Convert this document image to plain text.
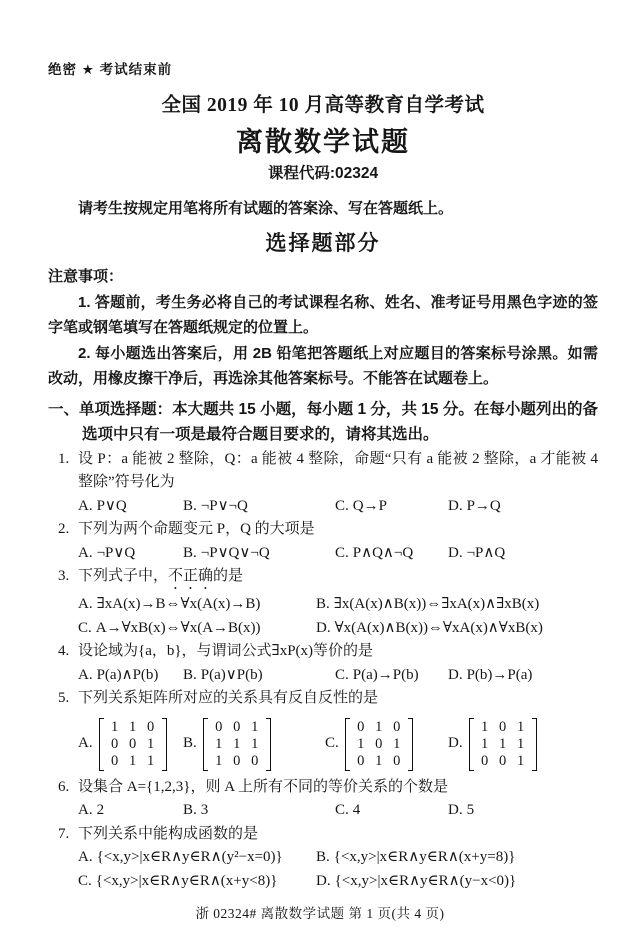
绝密 ★ 考试结束前
全国 2019 年 10 月高等教育自学考试
离散数学试题
课程代码:02324
请考生按规定用笔将所有试题的答案涂、写在答题纸上。
选择题部分
注意事项：

1. 答题前，考生务必将自己的考试课程名称、姓名、准考证号用黑色字迹的签字笔或钢笔填写在答题纸规定的位置上。

2. 每小题选出答案后，用 2B 铅笔把答题纸上对应题目的答案标号涂黑。如需改动，用橡皮擦干净后，再选涂其他答案标号。不能答在试题卷上。

一、单项选择题：本大题共 15 小题，每小题 1 分，共 15 分。在每小题列出的备选项中只有一项是最符合题目要求的，请将其选出。
1. 设 P：a 能被 2 整除，Q：a 能被 4 整除，命题“只有 a 能被 2 整除，a 才能被 4 整除”符号化为
A. P∨Q	B. ¬P∨¬Q	C. Q→P	D. P→Q
2. 下列为两个命题变元 P，Q 的大项是
A. ¬P∨Q	B. ¬P∨Q∨¬Q	C. P∧Q∧¬Q	D. ¬P∧Q
3. 下列式子中，不正确的是
A. ∃xA(x)→B⇔∀x(A(x)→B)	B. ∃x(A(x)∧B(x))⇔∃xA(x)∧∃xB(x)
C. A→∀xB(x)⇔∀x(A→B(x))	D. ∀x(A(x)∧B(x))⇔∀xA(x)∧∀xB(x)
4. 设论域为{a，b}，与谓词公式∃xP(x)等价的是
A. P(a)∧P(b)	B. P(a)∨P(b)	C. P(a)→P(b)	D. P(b)→P(a)
5. 下列关系矩阵所对应的关系具有反自反性的是
A.
1 1 0
0 0 1
0 1 1
B.
0 0 1
1 1 1
1 0 0
C.
0 1 0
1 0 1
0 1 0
D.
1 0 1
1 1 1
0 0 1
6. 设集合 A={1,2,3}，则 A 上所有不同的等价关系的个数是
A. 2	B. 3	C. 4	D. 5
7. 下列关系中能构成函数的是
A. {<x,y>|x∈R∧y∈R∧(y²−x=0)}	B. {<x,y>|x∈R∧y∈R∧(x+y=8)}
C. {<x,y>|x∈R∧y∈R∧(x+y<8)}	D. {<x,y>|x∈R∧y∈R∧(y−x<0)}
浙 02324# 离散数学试题 第 1 页(共 4 页)
